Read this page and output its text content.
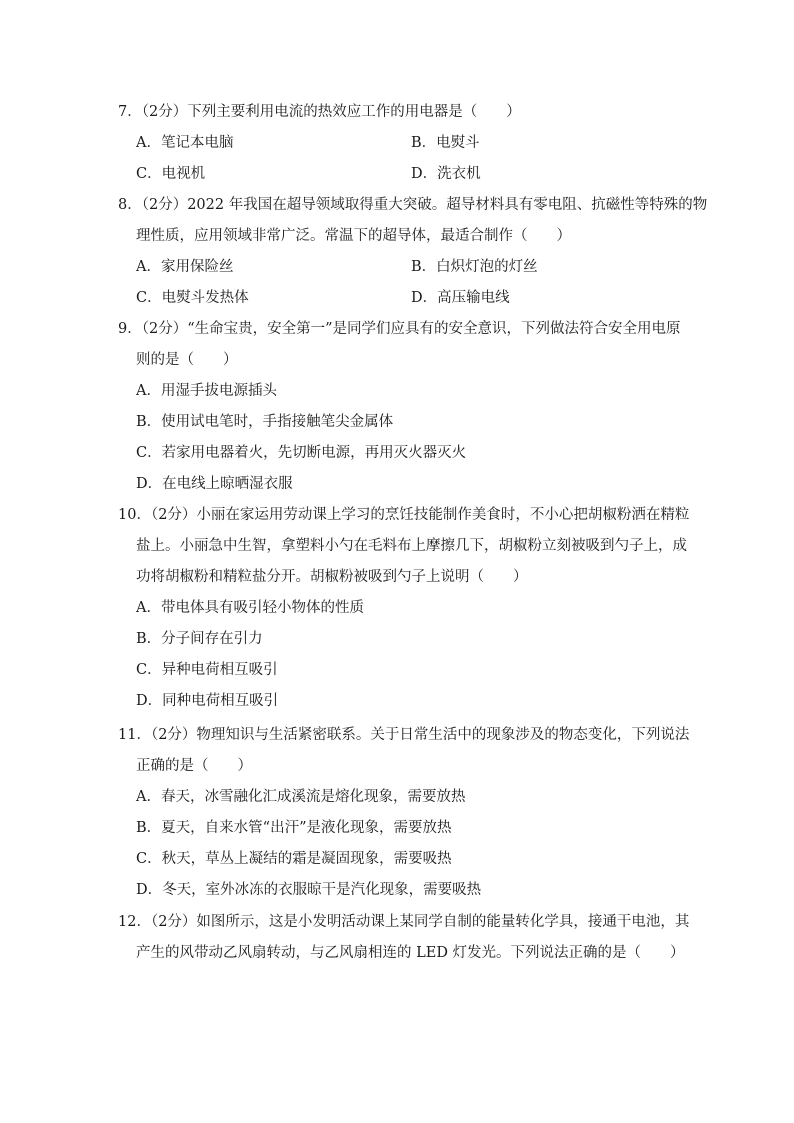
7．（2分）下列主要利用电流的热效应工作的用电器是（　　）
A．笔记本电脑	B．电熨斗
C．电视机	D．洗衣机
8．（2分）2022 年我国在超导领域取得重大突破。超导材料具有零电阻、抗磁性等特殊的物
理性质，应用领域非常广泛。常温下的超导体，最适合制作（　　）
A．家用保险丝	B．白炽灯泡的灯丝
C．电熨斗发热体	D．高压输电线
9．（2分）“生命宝贵，安全第一”是同学们应具有的安全意识，下列做法符合安全用电原
则的是（　　）
A．用湿手拔电源插头
B．使用试电笔时，手指接触笔尖金属体
C．若家用电器着火，先切断电源，再用灭火器灭火
D．在电线上晾晒湿衣服
10．（2分）小丽在家运用劳动课上学习的烹饪技能制作美食时，不小心把胡椒粉洒在精粒
盐上。小丽急中生智，拿塑料小勺在毛料布上摩擦几下，胡椒粉立刻被吸到勺子上，成
功将胡椒粉和精粒盐分开。胡椒粉被吸到勺子上说明（　　）
A．带电体具有吸引轻小物体的性质
B．分子间存在引力
C．异种电荷相互吸引
D．同种电荷相互吸引
11．（2分）物理知识与生活紧密联系。关于日常生活中的现象涉及的物态变化，下列说法
正确的是（　　）
A．春天，冰雪融化汇成溪流是熔化现象，需要放热
B．夏天，自来水管“出汗”是液化现象，需要放热
C．秋天，草丛上凝结的霜是凝固现象，需要吸热
D．冬天，室外冰冻的衣服晾干是汽化现象，需要吸热
12．（2分）如图所示，这是小发明活动课上某同学自制的能量转化学具，接通干电池，其
产生的风带动乙风扇转动，与乙风扇相连的 LED 灯发光。下列说法正确的是（　　）
